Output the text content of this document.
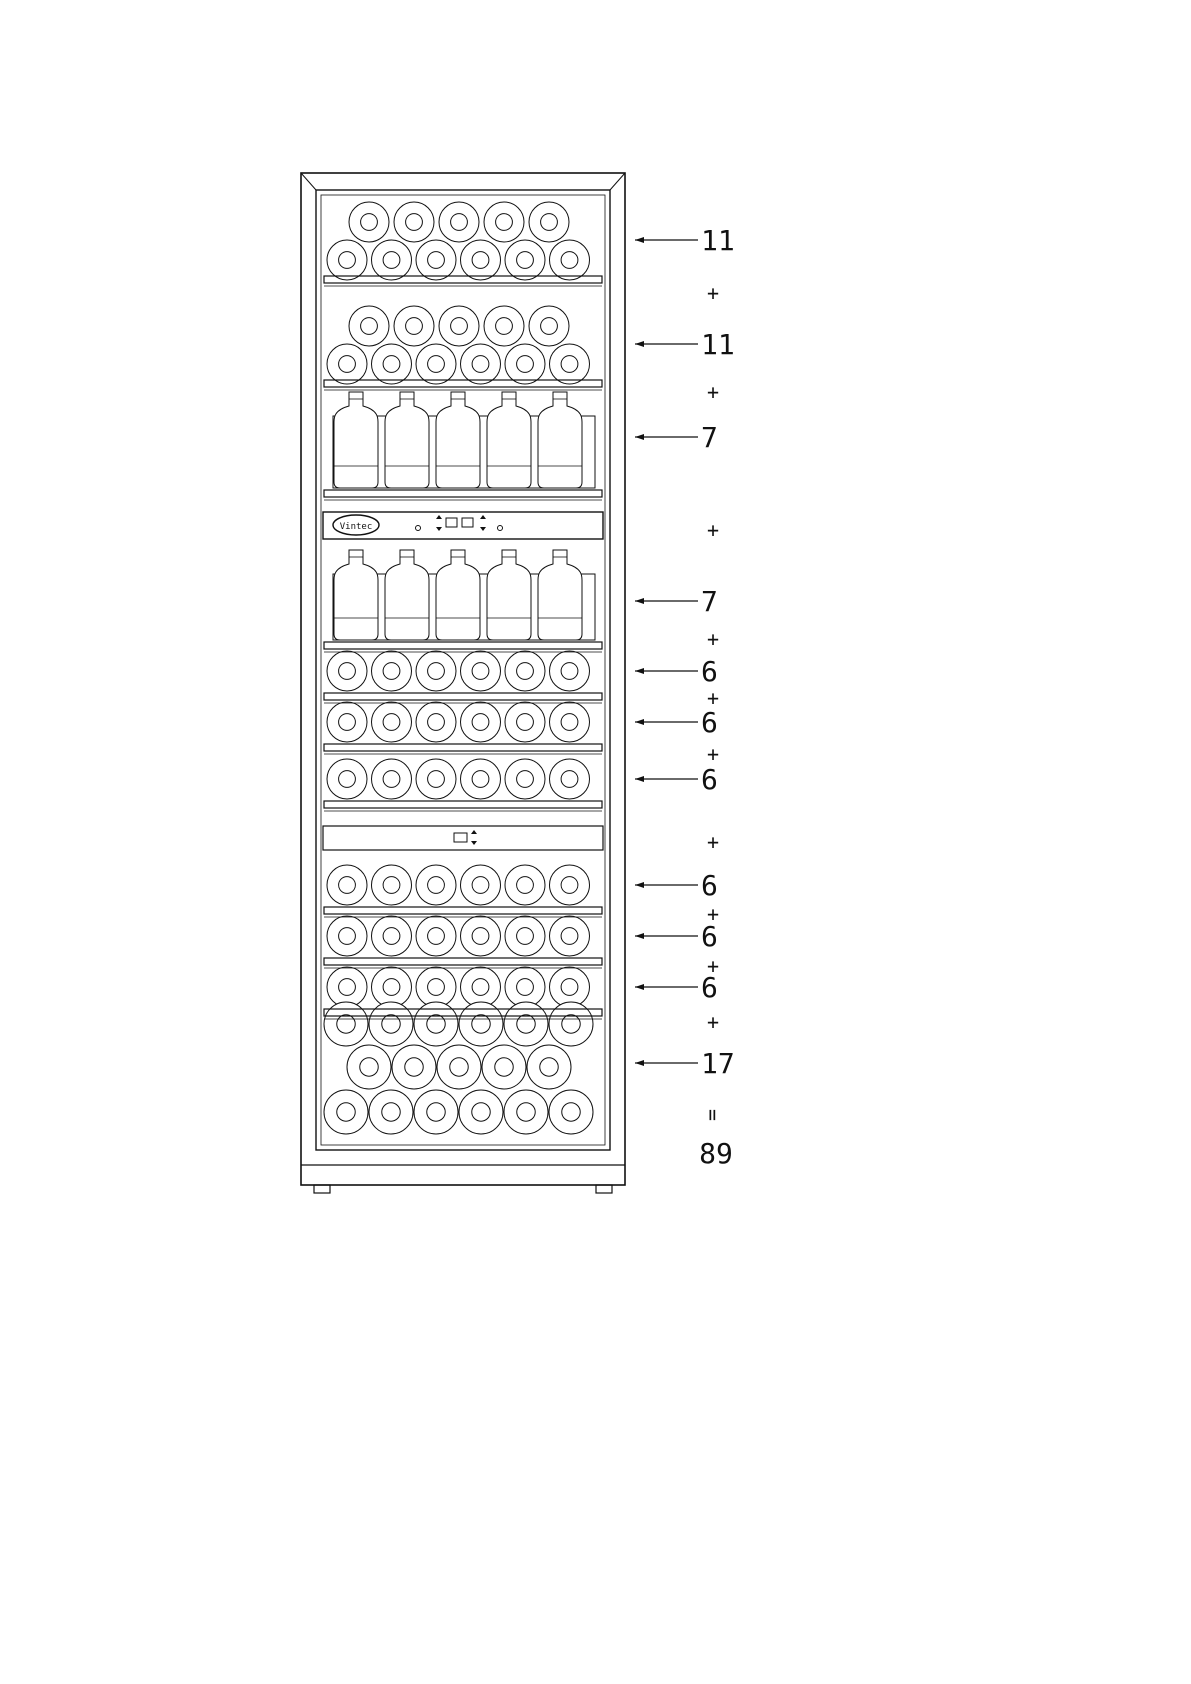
Vintec
11
11
7
7
6
6
6
6
6
6
17
+
+
+
+
+
+
+
+
+
+
=
89
